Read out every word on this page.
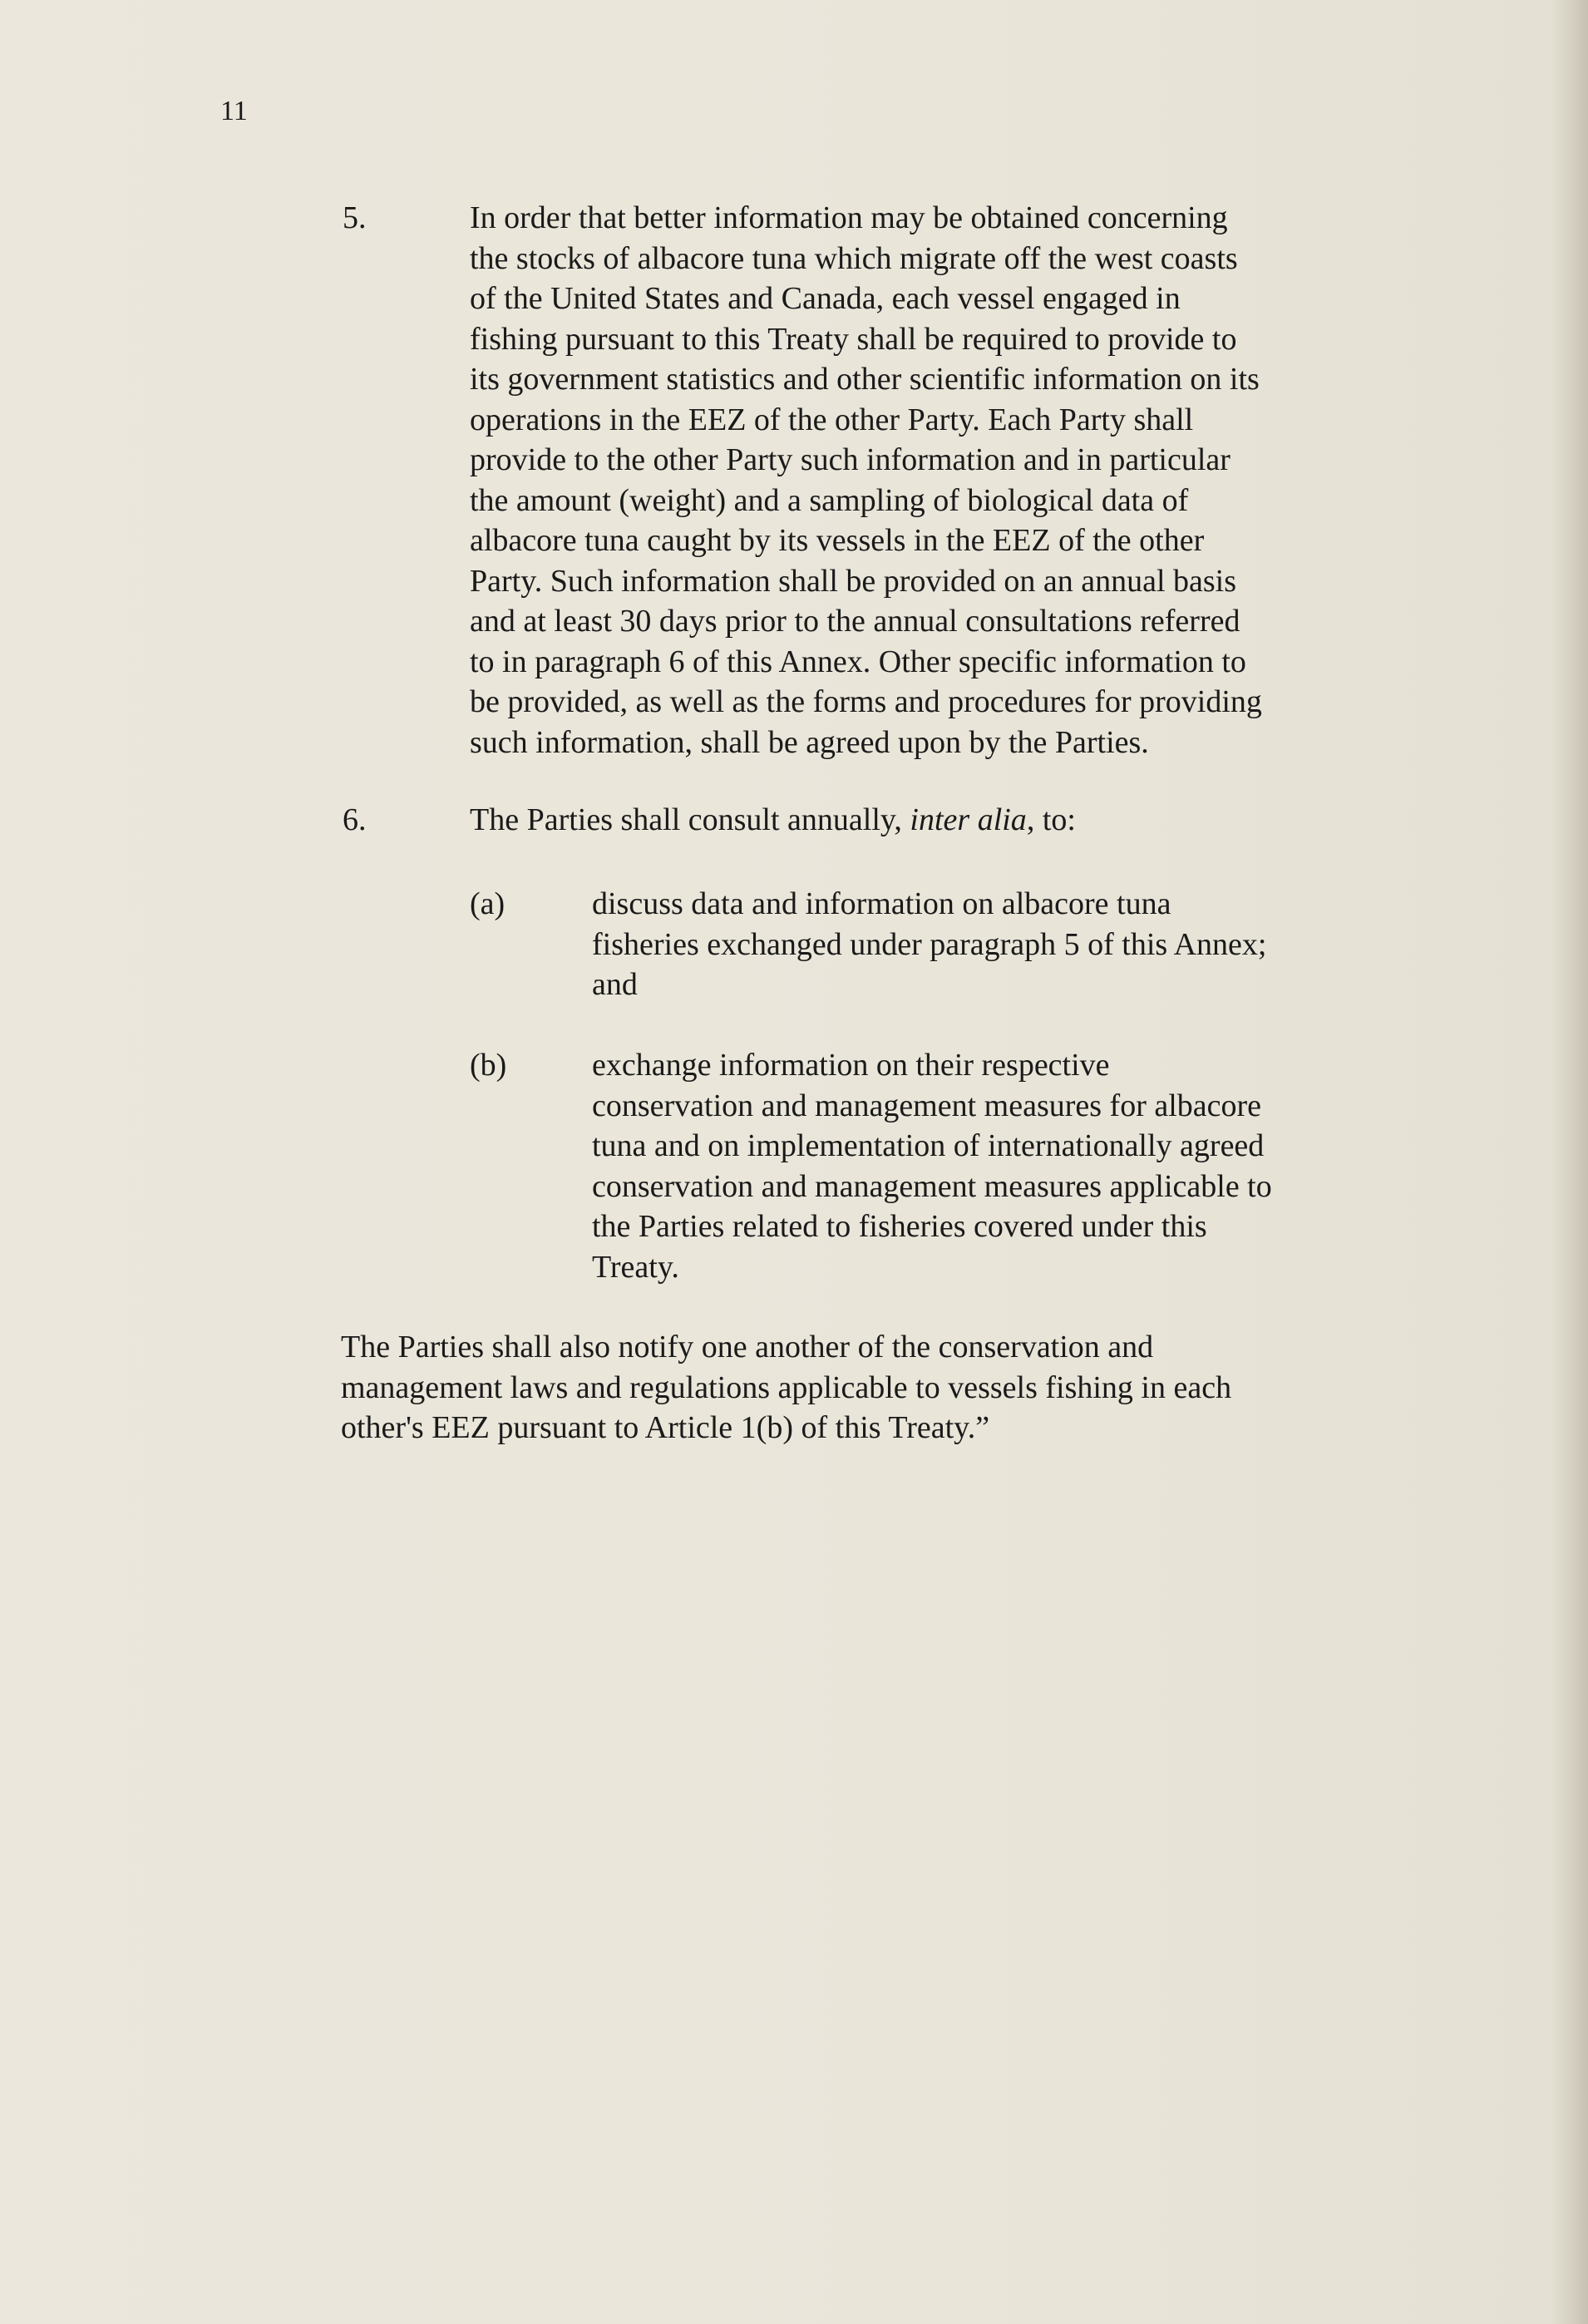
11
5.	In order that better information may be obtained concerning
the stocks of albacore tuna which migrate off the west coasts
of the United States and Canada, each vessel engaged in
fishing pursuant to this Treaty shall be required to provide to
its government statistics and other scientific information on its
operations in the EEZ of the other Party. Each Party shall
provide to the other Party such information and in particular
the amount (weight) and a sampling of biological data of
albacore tuna caught by its vessels in the EEZ of the other
Party. Such information shall be provided on an annual basis
and at least 30 days prior to the annual consultations referred
to in paragraph 6 of this Annex. Other specific information to
be provided, as well as the forms and procedures for providing
such information, shall be agreed upon by the Parties.
6.	The Parties shall consult annually, inter alia, to:
(a)	discuss data and information on albacore tuna
fisheries exchanged under paragraph 5 of this Annex;
and
(b)	exchange information on their respective
conservation and management measures for albacore
tuna and on implementation of internationally agreed
conservation and management measures applicable to
the Parties related to fisheries covered under this
Treaty.
The Parties shall also notify one another of the conservation and
management laws and regulations applicable to vessels fishing in each
other's EEZ pursuant to Article 1(b) of this Treaty.”
